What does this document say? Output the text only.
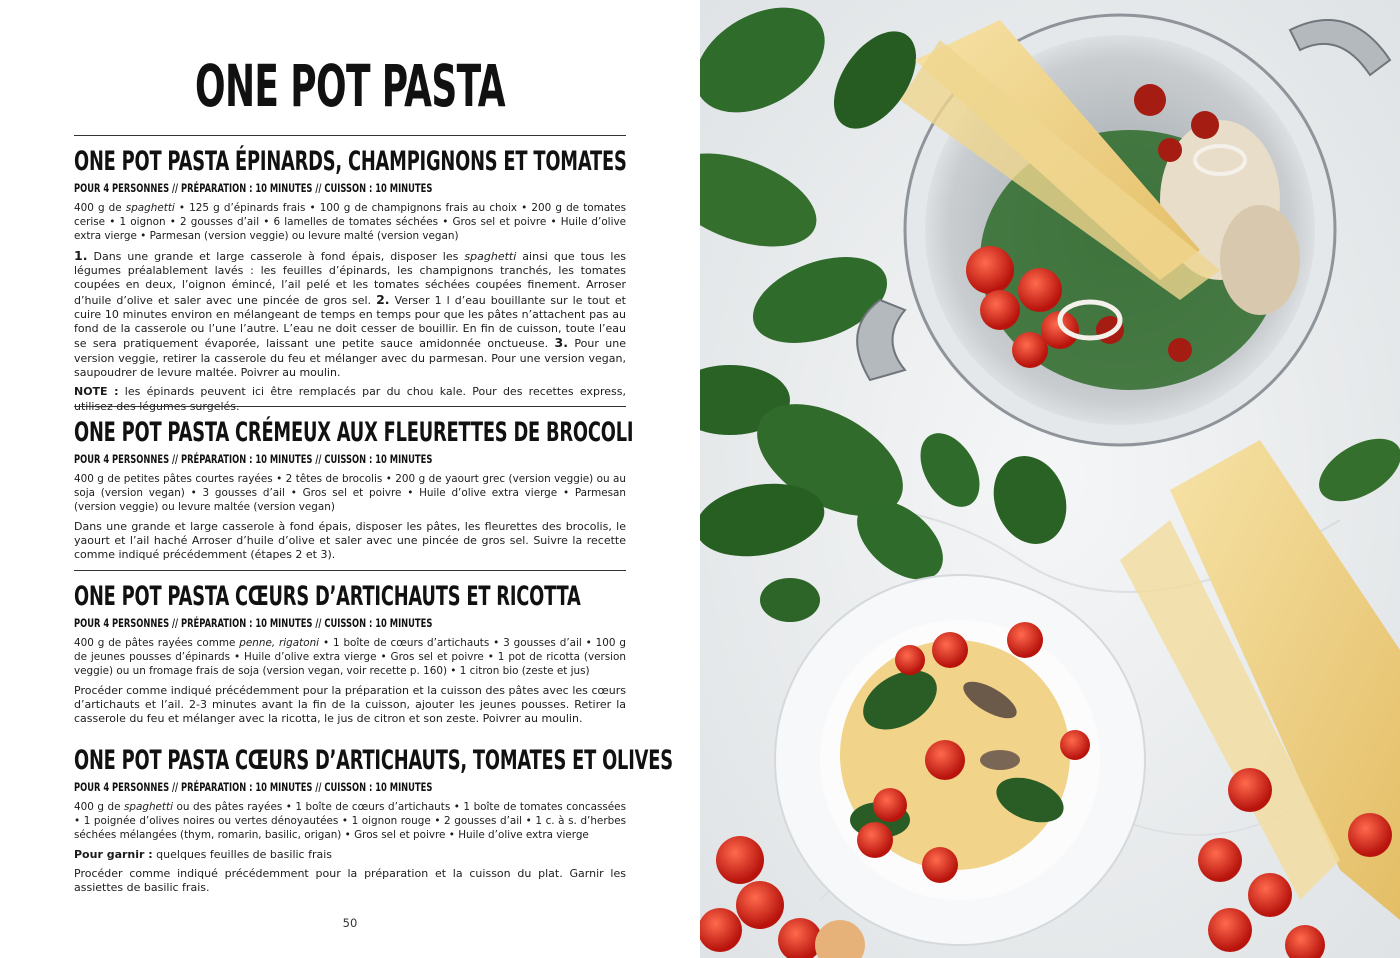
ONE POT PASTA
ONE POT PASTA ÉPINARDS, CHAMPIGNONS ET TOMATES
POUR 4 PERSONNES // PRÉPARATION : 10 MINUTES // CUISSON : 10 MINUTES

400 g de spaghetti • 125 g d’épinards frais • 100 g de champignons frais au choix • 200 g de tomates cerise • 1 oignon • 2 gousses d’ail • 6 lamelles de tomates séchées • Gros sel et poivre • Huile d’olive extra vierge • Parmesan (version veggie) ou levure malté (version vegan)

1. Dans une grande et large casserole à fond épais, disposer les spaghetti ainsi que tous les légumes préalablement lavés : les feuilles d’épinards, les champignons tranchés, les tomates coupées en deux, l’oignon émincé, l’ail pelé et les tomates séchées coupées finement. Arroser d’huile d’olive et saler avec une pincée de gros sel. 2. Verser 1 l d’eau bouillante sur le tout et cuire 10 minutes environ en mélangeant de temps en temps pour que les pâtes n’attachent pas au fond de la casserole ou l’une l’autre. L’eau ne doit cesser de bouillir. En fin de cuisson, toute l’eau se sera pratiquement évaporée, laissant une petite sauce amidonnée onctueuse. 3. Pour une version veggie, retirer la casserole du feu et mélanger avec du parmesan. Pour une version vegan, saupoudrer de levure maltée. Poivrer au moulin.

NOTE : les épinards peuvent ici être remplacés par du chou kale. Pour des recettes express, utilisez des légumes surgelés.

ONE POT PASTA CRÉMEUX AUX FLEURETTES DE BROCOLI
POUR 4 PERSONNES // PRÉPARATION : 10 MINUTES // CUISSON : 10 MINUTES

400 g de petites pâtes courtes rayées • 2 têtes de brocolis • 200 g de yaourt grec (version veggie) ou au soja (version vegan) • 3 gousses d’ail • Gros sel et poivre • Huile d’olive extra vierge • Parmesan (version veggie) ou levure maltée (version vegan)

Dans une grande et large casserole à fond épais, disposer les pâtes, les fleurettes des brocolis, le yaourt et l’ail haché Arroser d’huile d’olive et saler avec une pincée de gros sel. Suivre la recette comme indiqué précédemment (étapes 2 et 3).

ONE POT PASTA CŒURS D’ARTICHAUTS ET RICOTTA
POUR 4 PERSONNES // PRÉPARATION : 10 MINUTES // CUISSON : 10 MINUTES

400 g de pâtes rayées comme penne, rigatoni • 1 boîte de cœurs d’artichauts • 3 gousses d’ail • 100 g de jeunes pousses d’épinards • Huile d’olive extra vierge • Gros sel et poivre • 1 pot de ricotta (version veggie) ou un fromage frais de soja (version vegan, voir recette p. 160) • 1 citron bio (zeste et jus)

Procéder comme indiqué précédemment pour la préparation et la cuisson des pâtes avec les cœurs d’artichauts et l’ail. 2-3 minutes avant la fin de la cuisson, ajouter les jeunes pousses. Retirer la casserole du feu et mélanger avec la ricotta, le jus de citron et son zeste. Poivrer au moulin.

ONE POT PASTA CŒURS D’ARTICHAUTS, TOMATES ET OLIVES
POUR 4 PERSONNES // PRÉPARATION : 10 MINUTES // CUISSON : 10 MINUTES

400 g de spaghetti ou des pâtes rayées • 1 boîte de cœurs d’artichauts • 1 boîte de tomates concassées • 1 poignée d’olives noires ou vertes dénoyautées • 1 oignon rouge • 2 gousses d’ail • 1 c. à s. d’herbes séchées mélangées (thym, romarin, basilic, origan) • Gros sel et poivre • Huile d’olive extra vierge

Pour garnir : quelques feuilles de basilic frais

Procéder comme indiqué précédemment pour la préparation et la cuisson du plat. Garnir les assiettes de basilic frais.

50
